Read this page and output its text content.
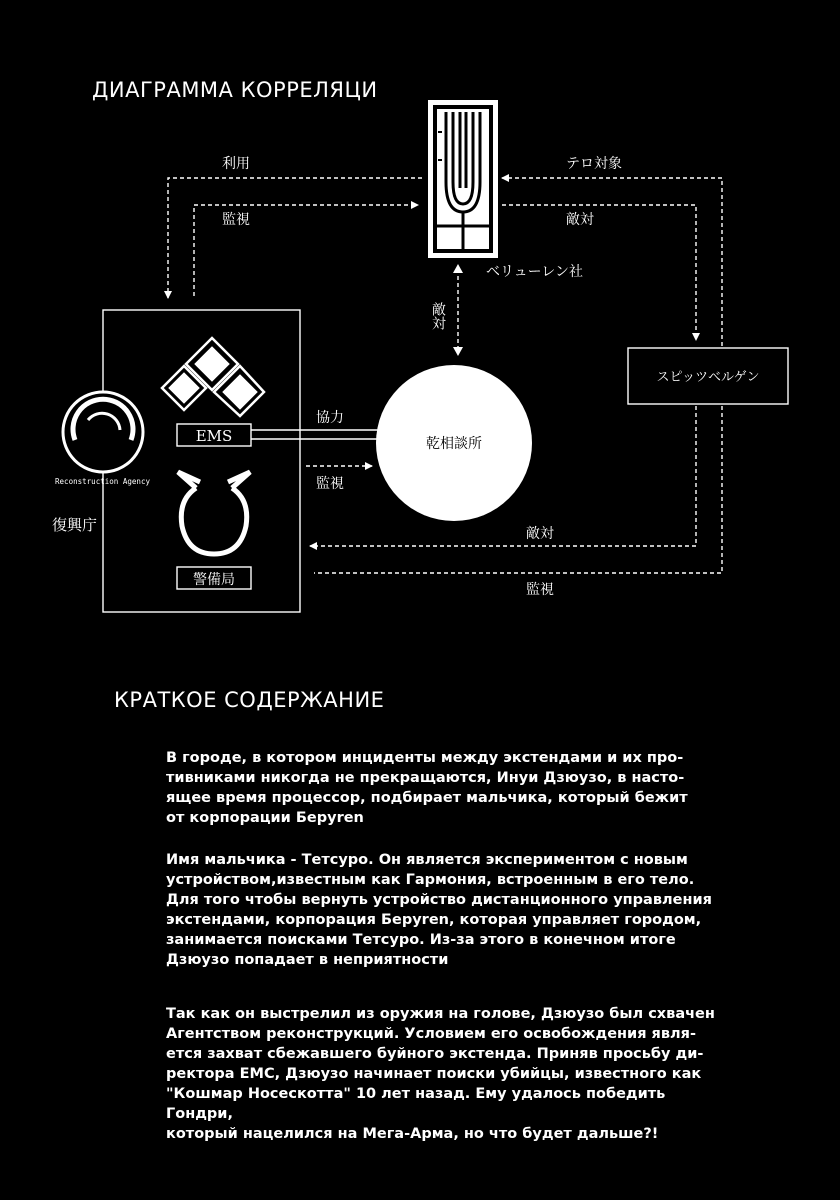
ДИАГРАММА КОРРЕЛЯЦИ
ベリューレン社
利用
監視
テロ対象
敵対
敵対
スピッツベルゲン
乾相談所
Reconstruction Agency
復興庁
EMS
協力
監視
警備局
敵対
監視
КРАТКОЕ СОДЕРЖАНИЕ

В городе, в котором инциденты между экстендами и их про-
тивниками никогда не прекращаются, Инуи Дзюузо, в насто-
ящее время процессор, подбирает мальчика, который бежит
от корпорации Беруren

Имя мальчика - Тетсуро. Он является экспериментом с новым
устройством,известным как Гармония, встроенным в его тело.
Для того чтобы вернуть устройство дистанционного управления
экстендами, корпорация Беруren, которая управляет городом,
занимается поисками Тетсуро. Из-за этого в конечном итоге
Дзюузо попадает в неприятности

Так как он выстрелил из оружия на голове, Дзюузо был схвачен
Агентством реконструкций. Условием его освобождения явля-
ется захват сбежавшего буйного экстенда. Приняв просьбу ди-
ректора ЕМС, Дзюузо начинает поиски убийцы, известного как
"Кошмар Носескотта" 10 лет назад. Ему удалось победить Гондри,
который нацелился на Мега-Арма, но что будет дальше?!
